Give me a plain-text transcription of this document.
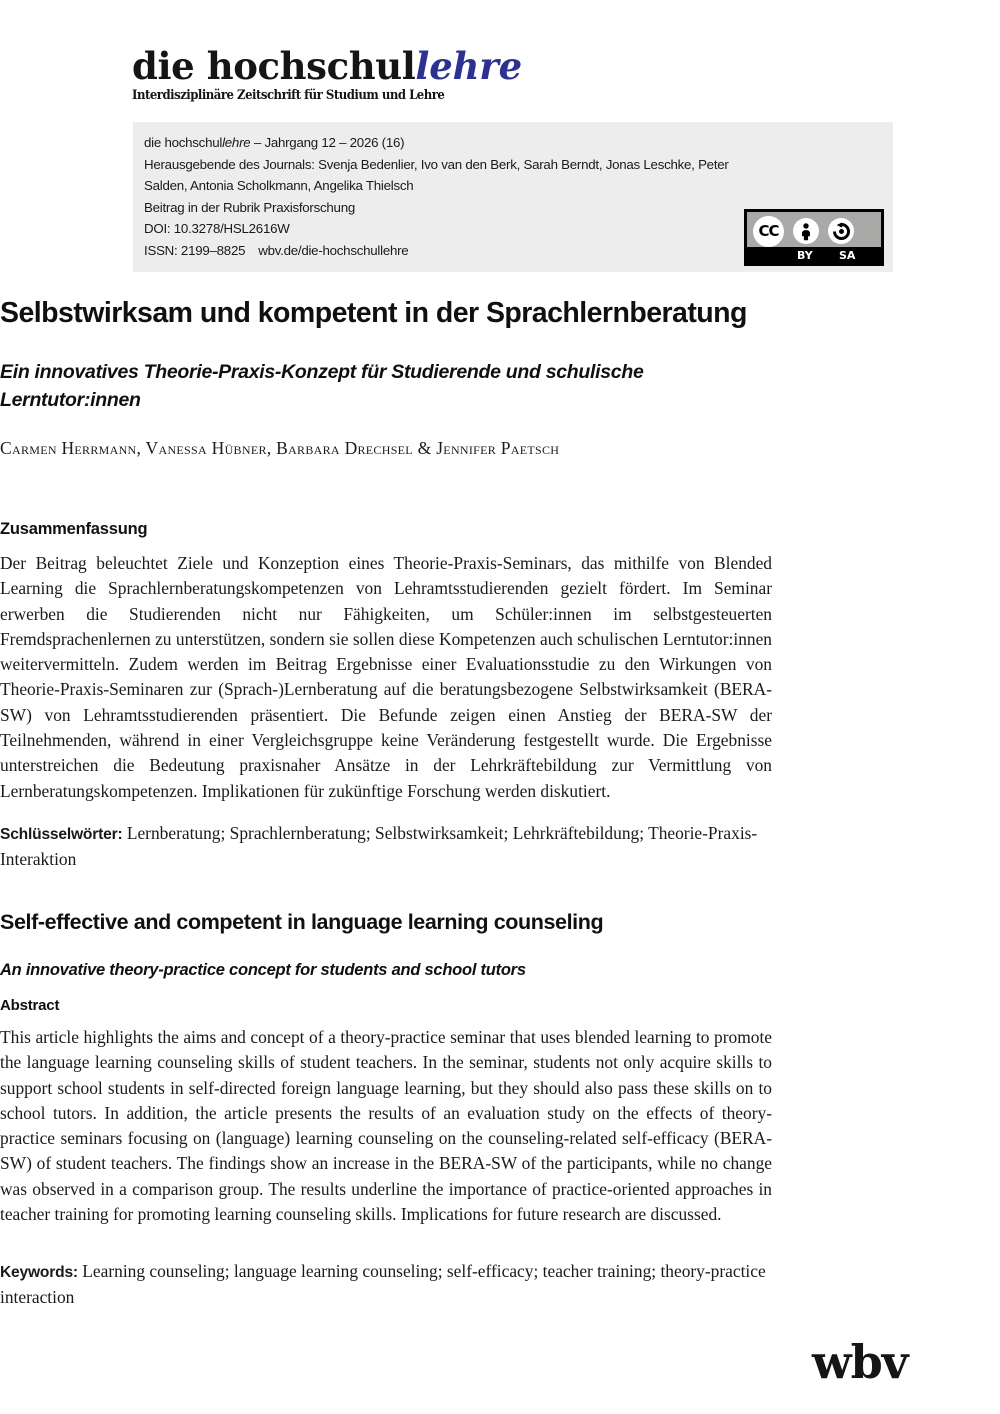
die hochschullehre
Interdisziplinäre Zeitschrift für Studium und Lehre
die hochschullehre – Jahrgang 12 – 2026 (16)
Herausgebende des Journals: Svenja Bedenlier, Ivo van den Berk, Sarah Berndt, Jonas Leschke, Peter Salden, Antonia Scholkmann, Angelika Thielsch
Beitrag in der Rubrik Praxisforschung
DOI: 10.3278/HSL2616W
ISSN: 2199–8825 wbv.de/die-hochschullehre
CC
BY SA
Selbstwirksam und kompetent in der Sprachlernberatung
Ein innovatives Theorie-Praxis-Konzept für Studierende und schulische Lerntutor:innen
Carmen Herrmann, Vanessa Hübner, Barbara Drechsel & Jennifer Paetsch
Zusammenfassung
Der Beitrag beleuchtet Ziele und Konzeption eines Theorie-Praxis-Seminars, das mithilfe von Blended Learning die Sprachlernberatungskompetenzen von Lehramtsstudierenden gezielt fördert. Im Seminar erwerben die Studierenden nicht nur Fähigkeiten, um Schüler:innen im selbstgesteuerten Fremdsprachenlernen zu unterstützen, sondern sie sollen diese Kompetenzen auch schulischen Lerntutor:innen weitervermitteln. Zudem werden im Beitrag Ergebnisse einer Evaluationsstudie zu den Wirkungen von Theorie-Praxis-Seminaren zur (Sprach-)Lernberatung auf die beratungsbezogene Selbstwirksamkeit (BERA-SW) von Lehramtsstudierenden präsentiert. Die Befunde zeigen einen Anstieg der BERA-SW der Teilnehmenden, während in einer Vergleichsgruppe keine Veränderung festgestellt wurde. Die Ergebnisse unterstreichen die Bedeutung praxisnaher Ansätze in der Lehrkräftebildung zur Vermittlung von Lernberatungskompetenzen. Implikationen für zukünftige Forschung werden diskutiert.
Schlüsselwörter: Lernberatung; Sprachlernberatung; Selbstwirksamkeit; Lehrkräftebildung; Theorie-Praxis-Interaktion
Self-effective and competent in language learning counseling
An innovative theory-practice concept for students and school tutors
Abstract
This article highlights the aims and concept of a theory-practice seminar that uses blended learning to promote the language learning counseling skills of student teachers. In the seminar, students not only acquire skills to support school students in self-directed foreign language learning, but they should also pass these skills on to school tutors. In addition, the article presents the results of an evaluation study on the effects of theory-practice seminars focusing on (language) learning counseling on the counseling-related self-efficacy (BERA-SW) of student teachers. The findings show an increase in the BERA-SW of the participants, while no change was observed in a comparison group. The results underline the importance of practice-oriented approaches in teacher training for promoting learning counseling skills. Implications for future research are discussed.
Keywords: Learning counseling; language learning counseling; self-efficacy; teacher training; theory-practice interaction
wbv
